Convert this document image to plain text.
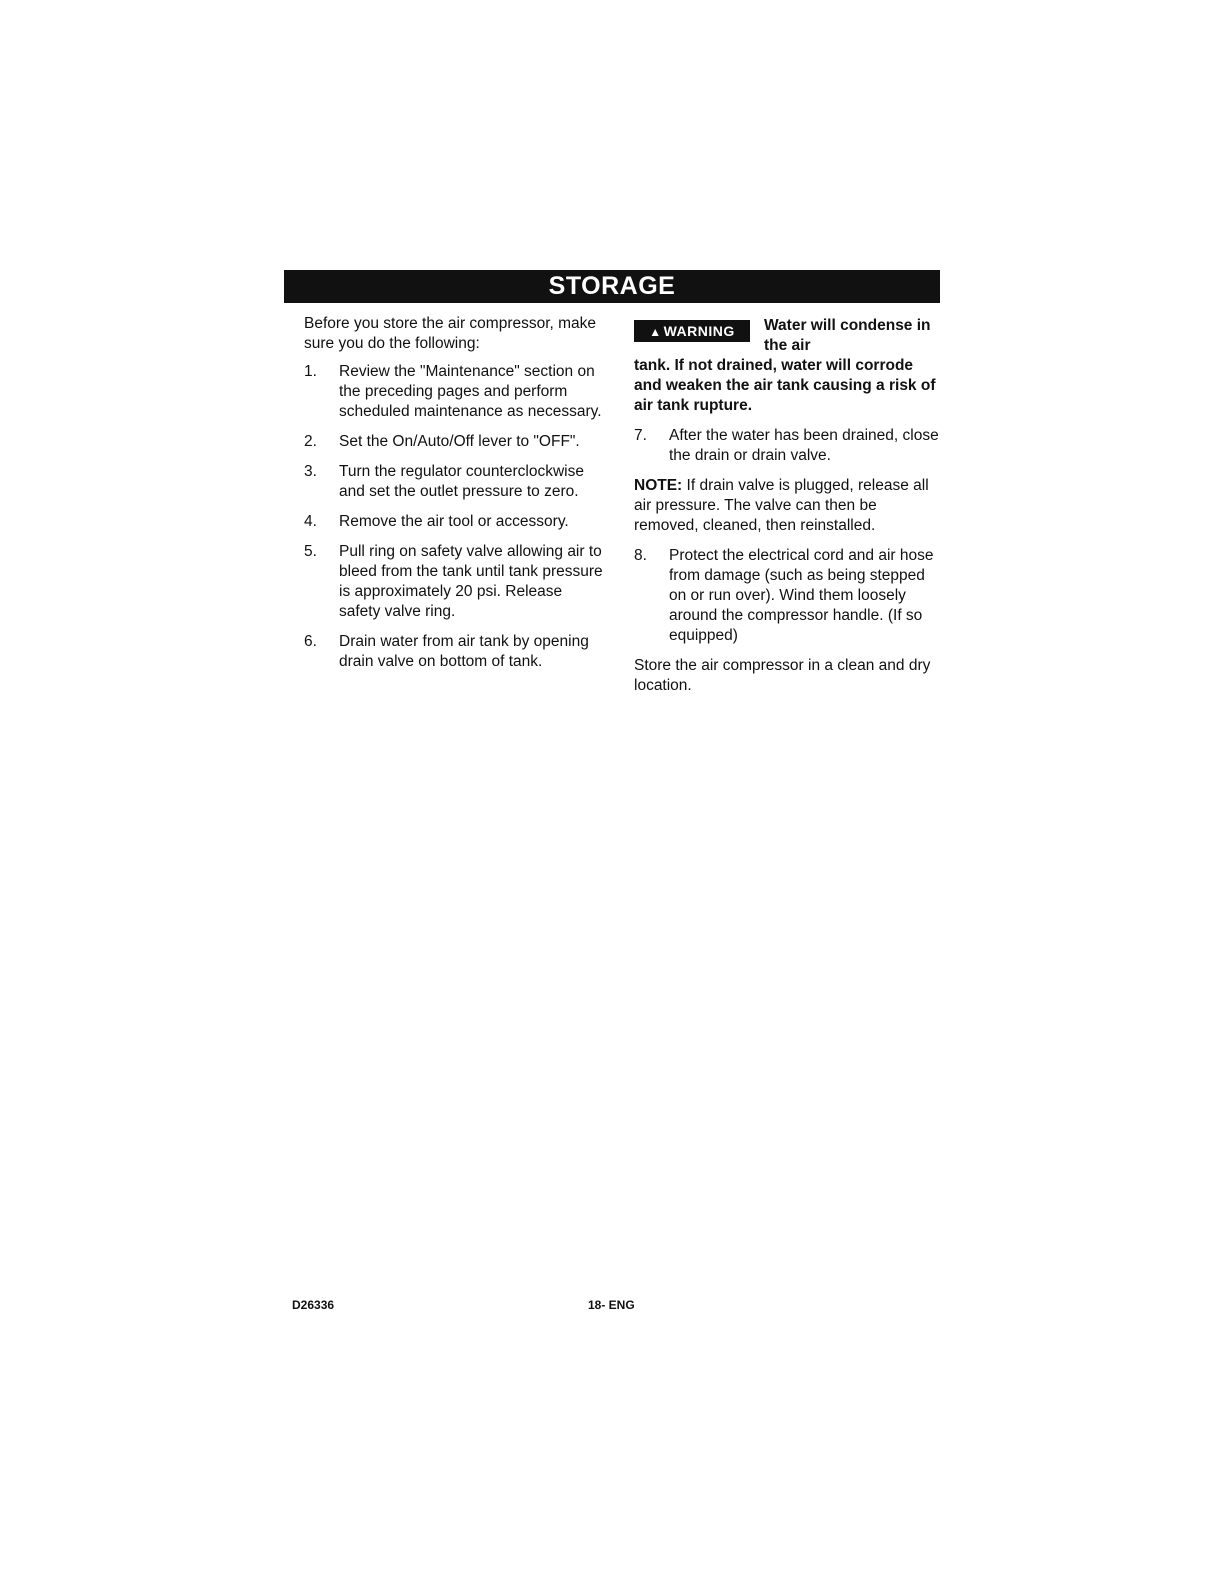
STORAGE

Before you store the air compressor, make sure you do the following:

1. Review the "Maintenance" section on the preceding pages and perform scheduled maintenance as necessary.
2. Set the On/Auto/Off lever to "OFF".
3. Turn the regulator counterclockwise and set the outlet pressure to zero.
4. Remove the air tool or accessory.
5. Pull ring on safety valve allowing air to bleed from the tank until tank pressure is approximately 20 psi. Release safety valve ring.
6. Drain water from air tank by opening drain valve on bottom of tank.
▲ WARNING	Water will condense in the air
tank. If not drained, water will corrode and weaken the air tank causing a risk of air tank rupture.
7. After the water has been drained, close the drain or drain valve.

NOTE: If drain valve is plugged, release all air pressure. The valve can then be removed, cleaned, then reinstalled.

8. Protect the electrical cord and air hose from damage (such as being stepped on or run over). Wind them loosely around the compressor handle. (If so equipped)

Store the air compressor in a clean and dry location.

D26336	18- ENG
